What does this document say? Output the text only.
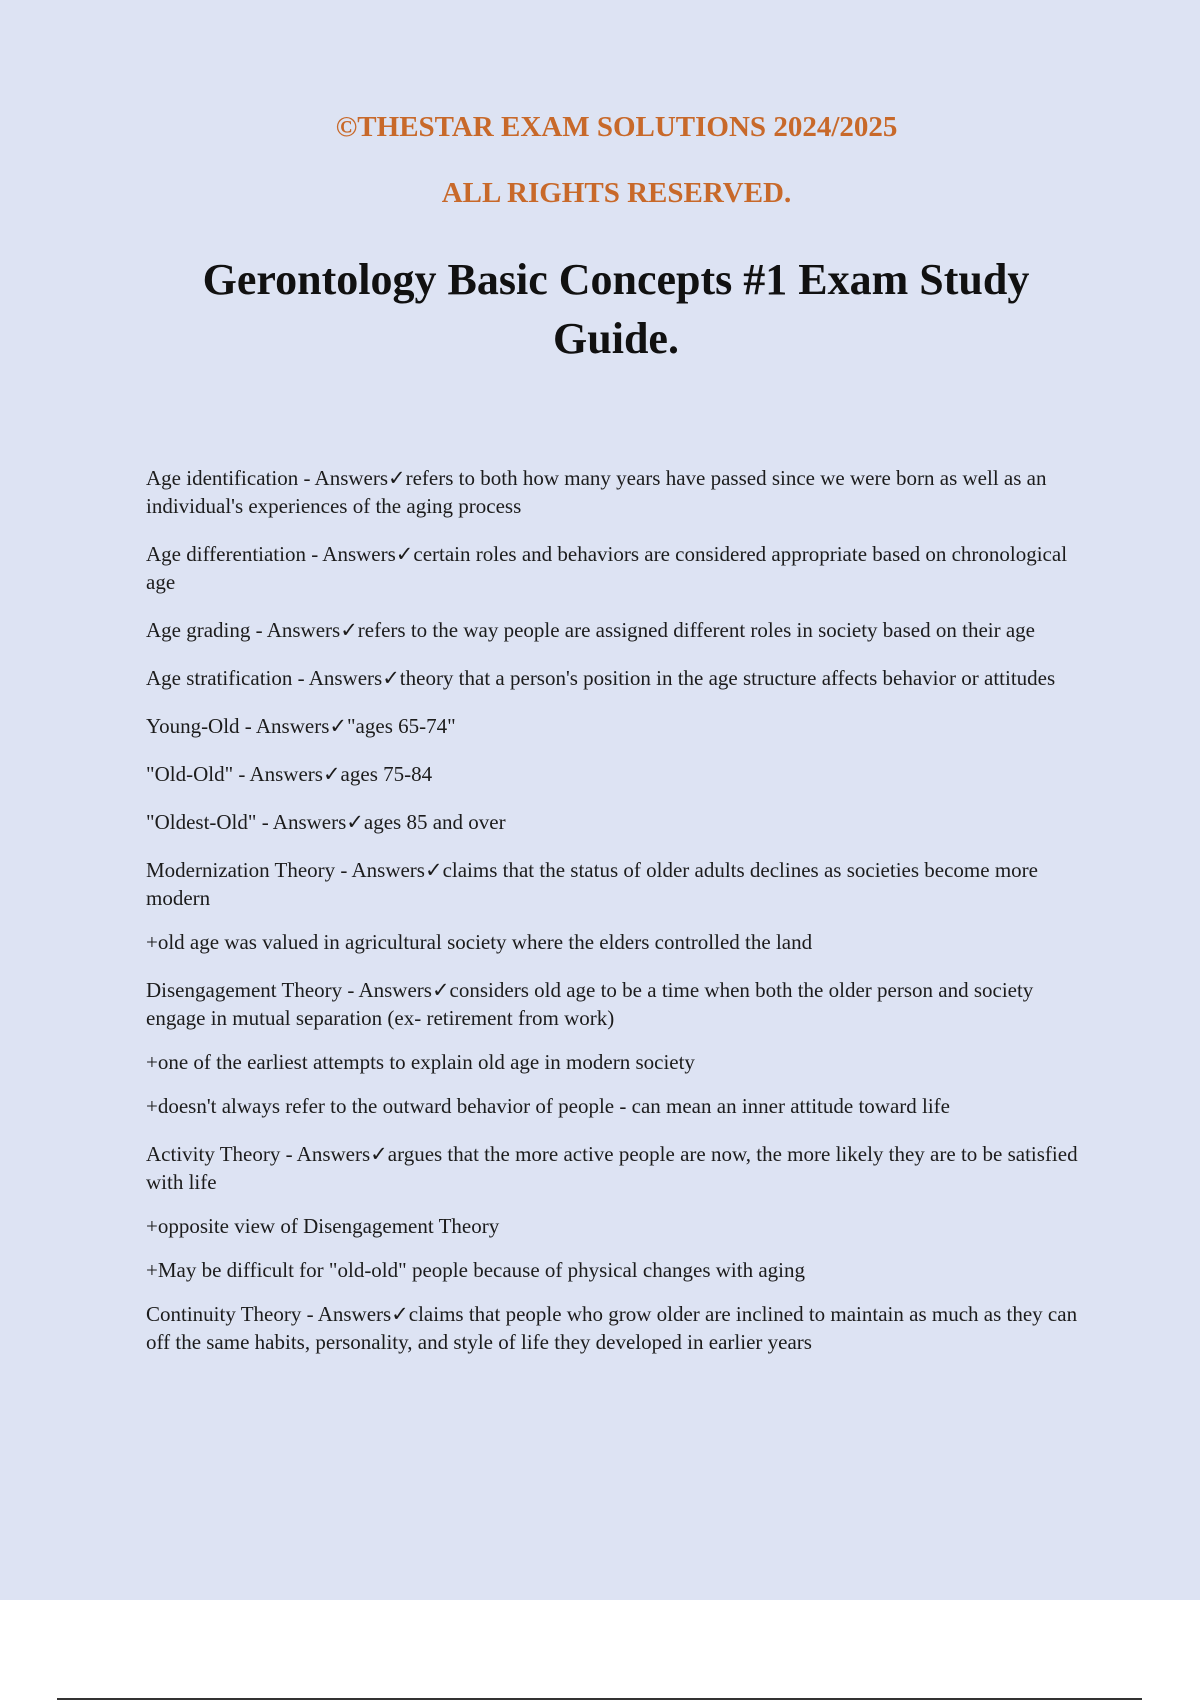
©THESTAR EXAM SOLUTIONS 2024/2025
ALL RIGHTS RESERVED.
Gerontology Basic Concepts #1 Exam Study Guide.

Age identification - Answers✓refers to both how many years have passed since we were born as well as an individual's experiences of the aging process

Age differentiation - Answers✓certain roles and behaviors are considered appropriate based on chronological age

Age grading - Answers✓refers to the way people are assigned different roles in society based on their age

Age stratification - Answers✓theory that a person's position in the age structure affects behavior or attitudes

Young-Old - Answers✓"ages 65-74"

"Old-Old" - Answers✓ages 75-84

"Oldest-Old" - Answers✓ages 85 and over

Modernization Theory - Answers✓claims that the status of older adults declines as societies become more modern

+old age was valued in agricultural society where the elders controlled the land

Disengagement Theory - Answers✓considers old age to be a time when both the older person and society engage in mutual separation (ex- retirement from work)

+one of the earliest attempts to explain old age in modern society

+doesn't always refer to the outward behavior of people - can mean an inner attitude toward life

Activity Theory - Answers✓argues that the more active people are now, the more likely they are to be satisfied with life

+opposite view of Disengagement Theory

+May be difficult for "old-old" people because of physical changes with aging

Continuity Theory - Answers✓claims that people who grow older are inclined to maintain as much as they can off the same habits, personality, and style of life they developed in earlier years
